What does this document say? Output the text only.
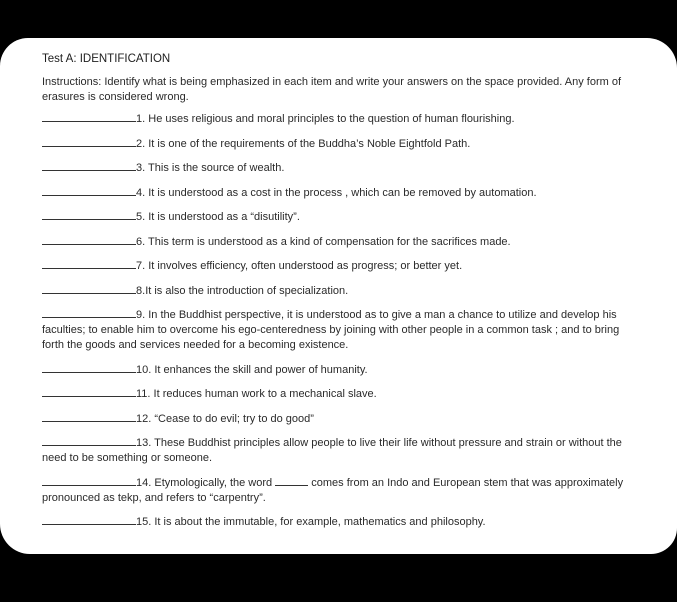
Test A: IDENTIFICATION
Instructions: Identify what is being emphasized in each item and write your answers on the space provided. Any form of erasures is considered wrong.
1. He uses religious and moral principles to the question of human flourishing.
2. It is one of the requirements of the Buddha’s Noble Eightfold Path.
3. This is the source of wealth.
4. It is understood as a cost in the process , which can be removed by automation.
5. It is understood as a “disutility”.
6. This term is understood as a kind of compensation for the sacrifices made.
7. It involves efficiency, often understood as progress; or better yet.
8.It is also the introduction of specialization.
9. In the Buddhist perspective, it is understood as to give a man a chance to utilize and develop his faculties; to enable him to overcome his ego-centeredness by joining with other people in a common task ; and to bring forth the goods and services needed for a becoming existence.
10. It enhances the skill and power of humanity.
11. It reduces human work to a mechanical slave.
12. “Cease to do evil; try to do good”
13. These Buddhist principles allow people to live their life without pressure and strain or without the need to be something or someone.
14. Etymologically, the word	comes from an Indo and European stem that was approximately pronounced as tekp, and refers to “carpentry”.
15. It is about the immutable, for example, mathematics and philosophy.
